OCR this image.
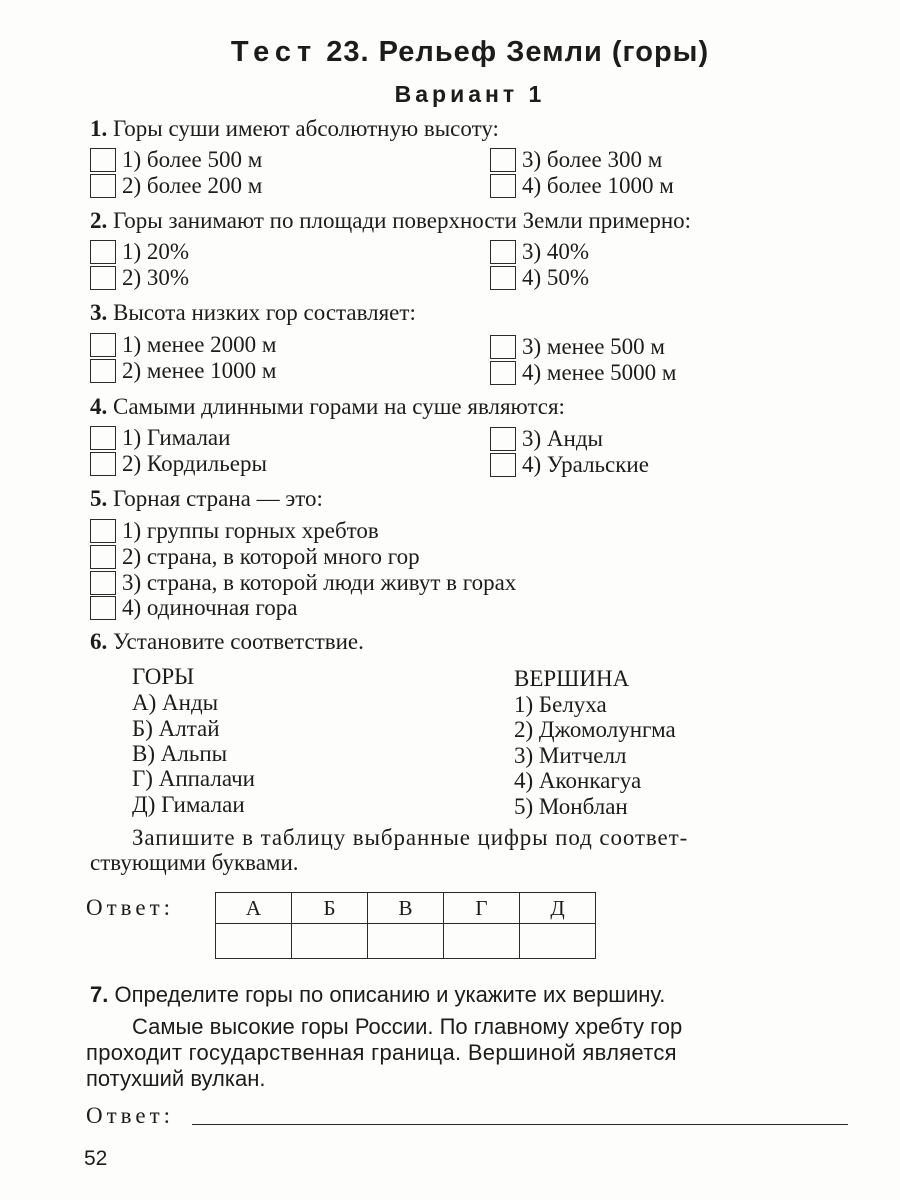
Тест 23. Рельеф Земли (горы)
Вариант 1
1. Горы суши имеют абсолютную высоту:
1) более 500 м
2) более 200 м
3) более 300 м
4) более 1000 м
2. Горы занимают по площади поверхности Земли примерно:
1) 20%
2) 30%
3) 40%
4) 50%
3. Высота низких гор составляет:
1) менее 2000 м
2) менее 1000 м
3) менее 500 м
4) менее 5000 м
4. Самыми длинными горами на суше являются:
1) Гималаи
2) Кордильеры
3) Анды
4) Уральские
5. Горная страна — это:
1) группы горных хребтов
2) страна, в которой много гор
3) страна, в которой люди живут в горах
4) одиночная гора
6. Установите соответствие.
ГОРЫ
А) Анды
Б) Алтай
В) Альпы
Г) Аппалачи
Д) Гималаи
ВЕРШИНА
1) Белуха
2) Джомолунгма
3) Митчелл
4) Аконкагуа
5) Монблан
Запишите в таблицу выбранные цифры под соответ-
ствующими буквами.
Ответ:	А	Б	В	Г	Д

7. Определите горы по описанию и укажите их вершину.
Самые высокие горы России. По главному хребту гор
проходит государственная граница. Вершиной является
потухший вулкан.
Ответ:
52
